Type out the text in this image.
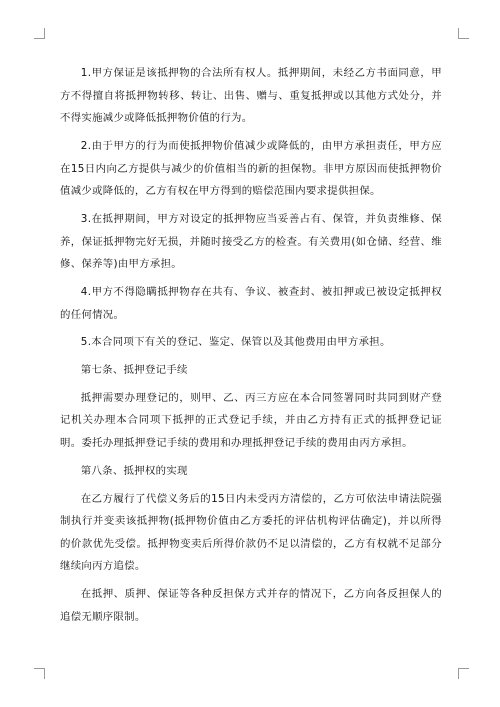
1.甲方保证是该抵押物的合法所有权人。抵押期间，未经乙方书面同意，甲方不得擅自将抵押物转移、转让、出售、赠与、重复抵押或以其他方式处分，并不得实施减少或降低抵押物价值的行为。

2.由于甲方的行为而使抵押物价值减少或降低的，由甲方承担责任，甲方应在15日内向乙方提供与减少的价值相当的新的担保物。非甲方原因而使抵押物价值减少或降低的，乙方有权在甲方得到的赔偿范围内要求提供担保。

3.在抵押期间，甲方对设定的抵押物应当妥善占有、保管，并负责维修、保养，保证抵押物完好无损，并随时接受乙方的检查。有关费用(如仓储、经营、维修、保养等)由甲方承担。

4.甲方不得隐瞒抵押物存在共有、争议、被查封、被扣押或已被设定抵押权的任何情况。

5.本合同项下有关的登记、鉴定、保管以及其他费用由甲方承担。

第七条、抵押登记手续

抵押需要办理登记的，则甲、乙、丙三方应在本合同签署同时共同到财产登记机关办理本合同项下抵押的正式登记手续，并由乙方持有正式的抵押登记证明。委托办理抵押登记手续的费用和办理抵押登记手续的费用由丙方承担。

第八条、抵押权的实现

在乙方履行了代偿义务后的15日内未受丙方清偿的，乙方可依法申请法院强制执行并变卖该抵押物(抵押物价值由乙方委托的评估机构评估确定)，并以所得的价款优先受偿。抵押物变卖后所得价款仍不足以清偿的，乙方有权就不足部分继续向丙方追偿。

在抵押、质押、保证等各种反担保方式并存的情况下，乙方向各反担保人的追偿无顺序限制。
